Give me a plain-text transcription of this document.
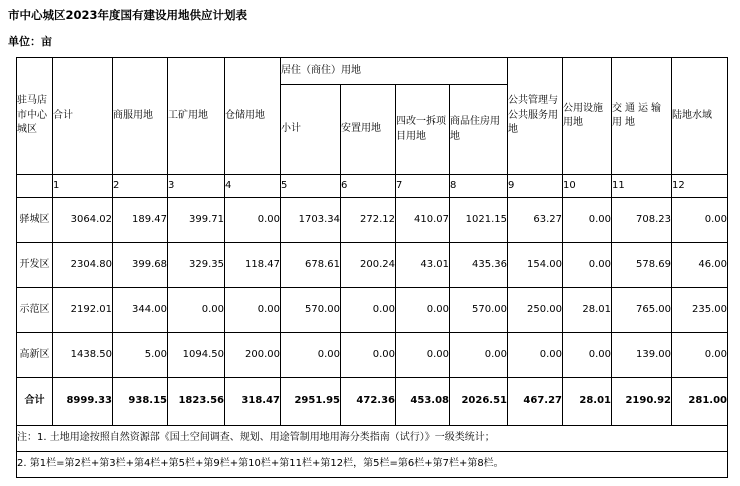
市中心城区2023年度国有建设用地供应计划表
单位：亩
驻马店市中心城区	合计	商服用地	工矿用地	仓储用地	居住（商住）用地				公共管理与公共服务用地	公用设施用地	交通运输用地	陆地水域
					小计	安置用地	四改一拆项目用地	商品住房用地				
	1	2	3	4	5	6	7	8	9	10	11	12
驿城区	3064.02	189.47	399.71	0.00	1703.34	272.12	410.07	1021.15	63.27	0.00	708.23	0.00
开发区	2304.80	399.68	329.35	118.47	678.61	200.24	43.01	435.36	154.00	0.00	578.69	46.00
示范区	2192.01	344.00	0.00	0.00	570.00	0.00	0.00	570.00	250.00	28.01	765.00	235.00
高新区	1438.50	5.00	1094.50	200.00	0.00	0.00	0.00	0.00	0.00	0.00	139.00	0.00
合计	8999.33	938.15	1823.56	318.47	2951.95	472.36	453.08	2026.51	467.27	28.01	2190.92	281.00
注：1. 土地用途按照自然资源部《国土空间调查、规划、用途管制用地用海分类指南（试行）》一级类统计；												
2. 第1栏=第2栏+第3栏+第4栏+第5栏+第9栏+第10栏+第11栏+第12栏，第5栏=第6栏+第7栏+第8栏。												
